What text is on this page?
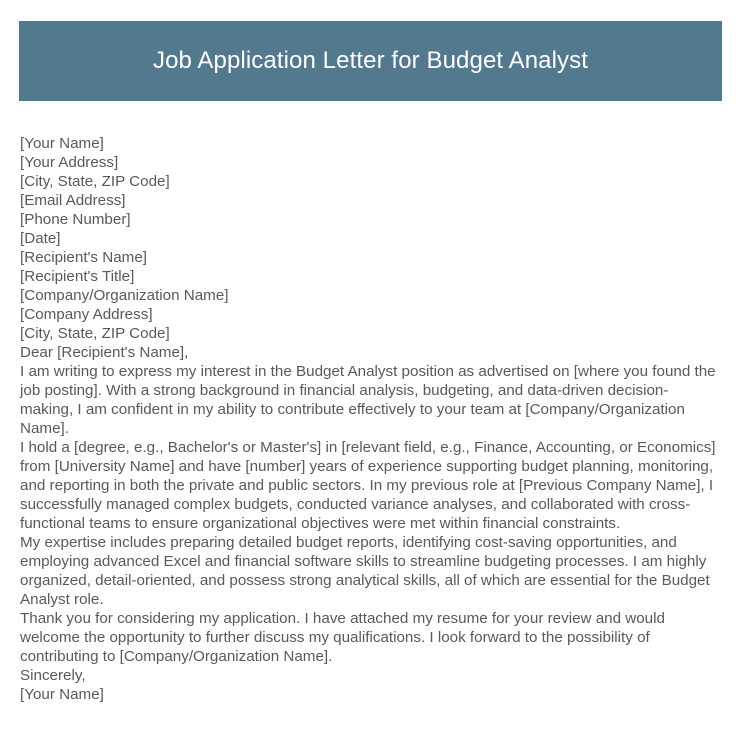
Job Application Letter for Budget Analyst
[Your Name]
[Your Address]
[City, State, ZIP Code]
[Email Address]
[Phone Number]
[Date]
[Recipient's Name]
[Recipient's Title]
[Company/Organization Name]
[Company Address]
[City, State, ZIP Code]
Dear [Recipient's Name],

I am writing to express my interest in the Budget Analyst position as advertised on [where you found the job posting]. With a strong background in financial analysis, budgeting, and data-driven decision-making, I am confident in my ability to contribute effectively to your team at [Company/Organization Name].

I hold a [degree, e.g., Bachelor's or Master's] in [relevant field, e.g., Finance, Accounting, or Economics] from [University Name] and have [number] years of experience supporting budget planning, monitoring, and reporting in both the private and public sectors. In my previous role at [Previous Company Name], I successfully managed complex budgets, conducted variance analyses, and collaborated with cross-functional teams to ensure organizational objectives were met within financial constraints.

My expertise includes preparing detailed budget reports, identifying cost-saving opportunities, and employing advanced Excel and financial software skills to streamline budgeting processes. I am highly organized, detail-oriented, and possess strong analytical skills, all of which are essential for the Budget Analyst role.

Thank you for considering my application. I have attached my resume for your review and would welcome the opportunity to further discuss my qualifications. I look forward to the possibility of contributing to [Company/Organization Name].

Sincerely,
[Your Name]
